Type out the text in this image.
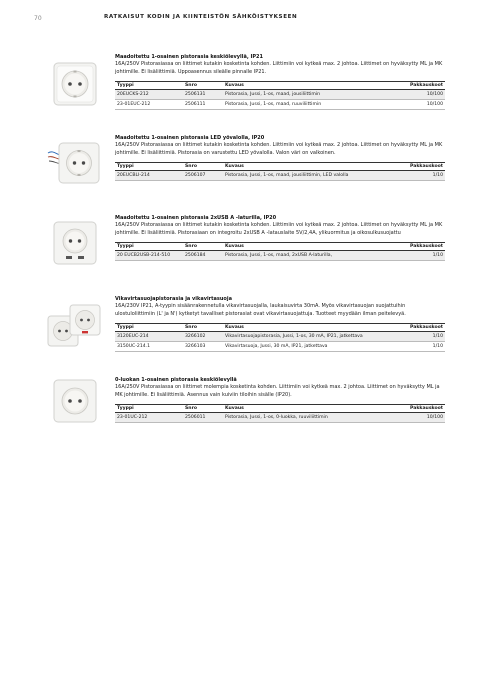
70	RATKAISUT KODIN JA KIINTEISTÖN SÄHKÖISTYKSEEN
Maadoitettu 1-osainen pistorasia keskiölevyllä, IP21
16A/250V Pistorasiassa on liittimet kutakin kosketinta kohden. Liittimiin voi kytkeä max. 2 johtoa. Liittimet on hyväksytty ML ja MK johtimille. Ei lisäliittimiä. Uppoasennus sileälle pinnalle IP21.
Tyyppi	Snro	Kuvaus	Pakkauskoot
20EUCKS-212	2506131	Pistorasia, Jussi, 1-os, maad, jousiliittimin	10/100
23-01EUC-212	2506111	Pistorasia, Jussi, 1-os, maad, ruuviliittimin	10/100
Maadoitettu 1-osainen pistorasia LED yövalolla, IP20
16A/250V Pistorasiassa on liittimet kutakin kosketinta kohden. Liittimiin voi kytkeä max. 2 johtoa. Liittimet on hyväksytty ML ja MK johtimille. Ei lisäliittimiä. Pistorasia on varustettu LED yövalolla. Valon väri on valkoinen.
Tyyppi	Snro	Kuvaus	Pakkauskoot
20EUCBLI-214	2506107	Pistorasia, Jussi, 1-os, maad, jousiliittimin, LED valolla	1/10
Maadoitettu 1-osainen pistorasia 2xUSB A -laturilla, IP20
16A/250V Pistorasiassa on liittimet kutakin kosketinta kohden. Liittimiin voi kytkeä max. 2 johtoa. Liittimet on hyväksytty ML ja MK johtimille. Ei lisäliittimiä. Pistorasiaan on integroitu 2xUSB A -latauslaite 5V/2,4A, ylikuormitus ja oikosulkusuojattu
Tyyppi	Snro	Kuvaus	Pakkauskoot
20 EUCB2USB-214-510	2506184	Pistorasia, Jussi, 1-os, maad, 2xUSB A-laturilla,	1/10
Vikavirtasuojapistorasia ja vikavirtasuoja
16A/230V IP21, A-tyypin sisäänrakennetulla vikavirtasuojalla, laukaisuvirta 30mA. Myös vikavirtasuojan suojattuihin ulostuloliittimiin (L' ja N') kytketyt tavalliset pistorasiat ovat vikavirtasuojattuja. Tuotteet myydään ilman peitelevyä.
Tyyppi	Snro	Kuvaus	Pakkauskoot
3120EUC-214	3266102	Vikavirtasuojapistorasia, Jussi, 1-os, 30 mA, IP21, jatkettava	1/10
3150UC-214.1	3266103	Vikavirtasuoja, Jussi, 30 mA, IP21, jatkettava	1/10
0-luokan 1-osainen pistorasia keskiölevyllä
16A/250V Pistorasiassa on liittimet molempia kosketinta kohden. Liittimiin voi kytkeä max. 2 johtoa. Liittimet on hyväksytty ML ja MK johtimille. Ei lisäliittimiä. Asennus vain kuiviin tiloihin sisälle (IP20).
Tyyppi	Snro	Kuvaus	Pakkauskoot
23-01UC-212	2506011	Pistorasia, Jussi, 1-os, 0-luokka, ruuviliittimin	10/100
